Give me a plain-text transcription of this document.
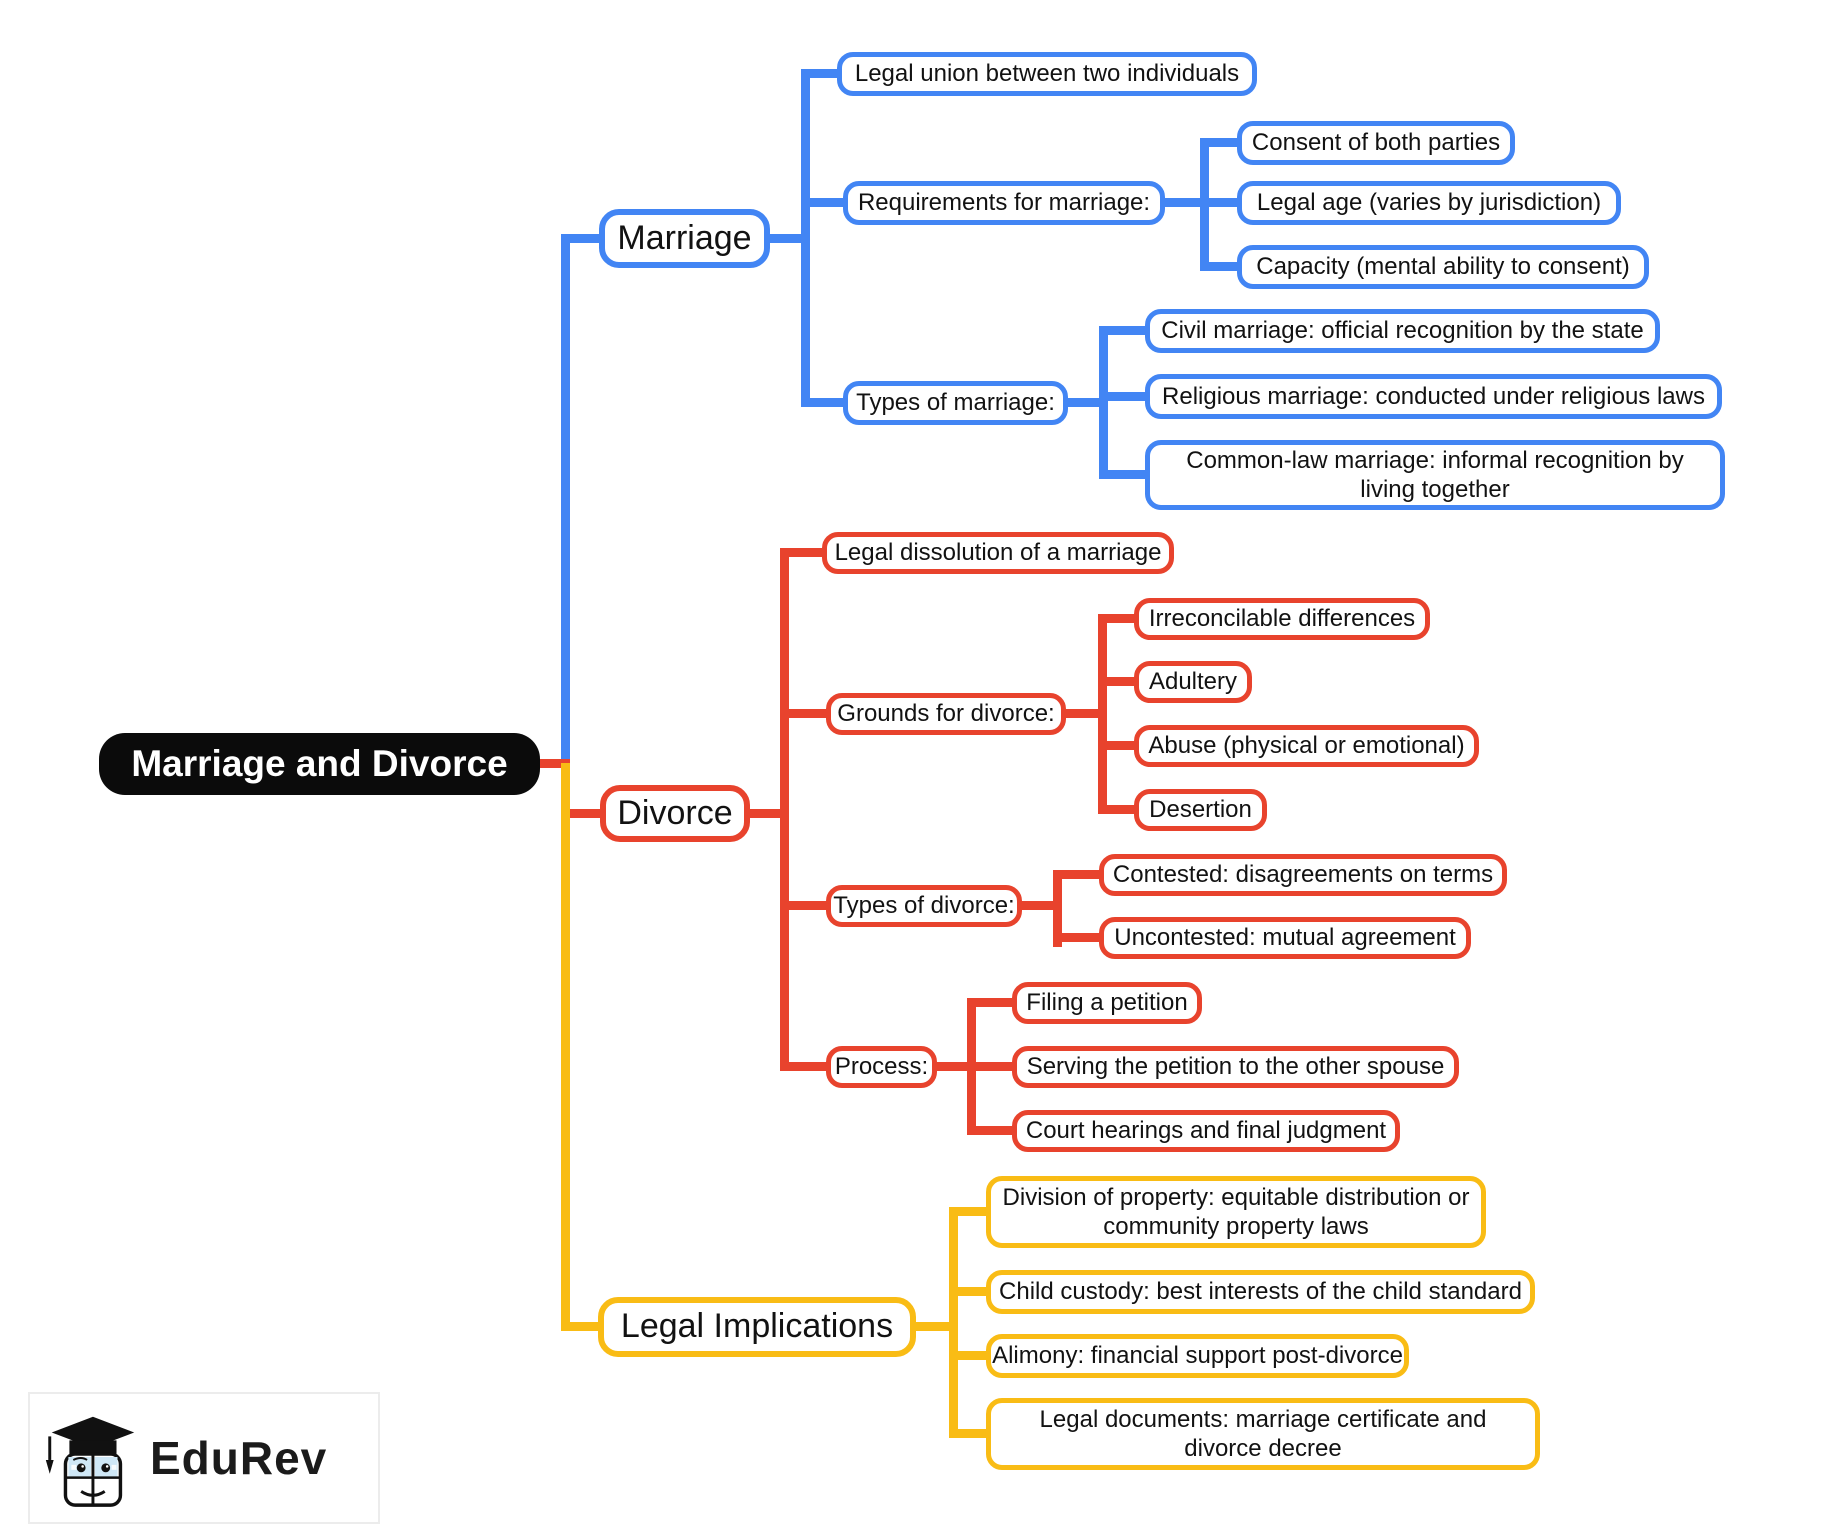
Marriage and Divorce
Marriage
Divorce
Legal Implications
Legal union between two individuals
Requirements for marriage:
Consent of both parties
Legal age (varies by jurisdiction)
Capacity (mental ability to consent)
Types of marriage:
Civil marriage: official recognition by the state
Religious marriage: conducted under religious laws
Common-law marriage: informal recognition by living together
Legal dissolution of a marriage
Grounds for divorce:
Irreconcilable differences
Adultery
Abuse (physical or emotional)
Desertion
Types of divorce:
Contested: disagreements on terms
Uncontested: mutual agreement
Process:
Filing a petition
Serving the petition to the other spouse
Court hearings and final judgment
Division of property: equitable distribution or community property laws
Child custody: best interests of the child standard
Alimony: financial support post-divorce
Legal documents: marriage certificate and divorce decree
EduRev
